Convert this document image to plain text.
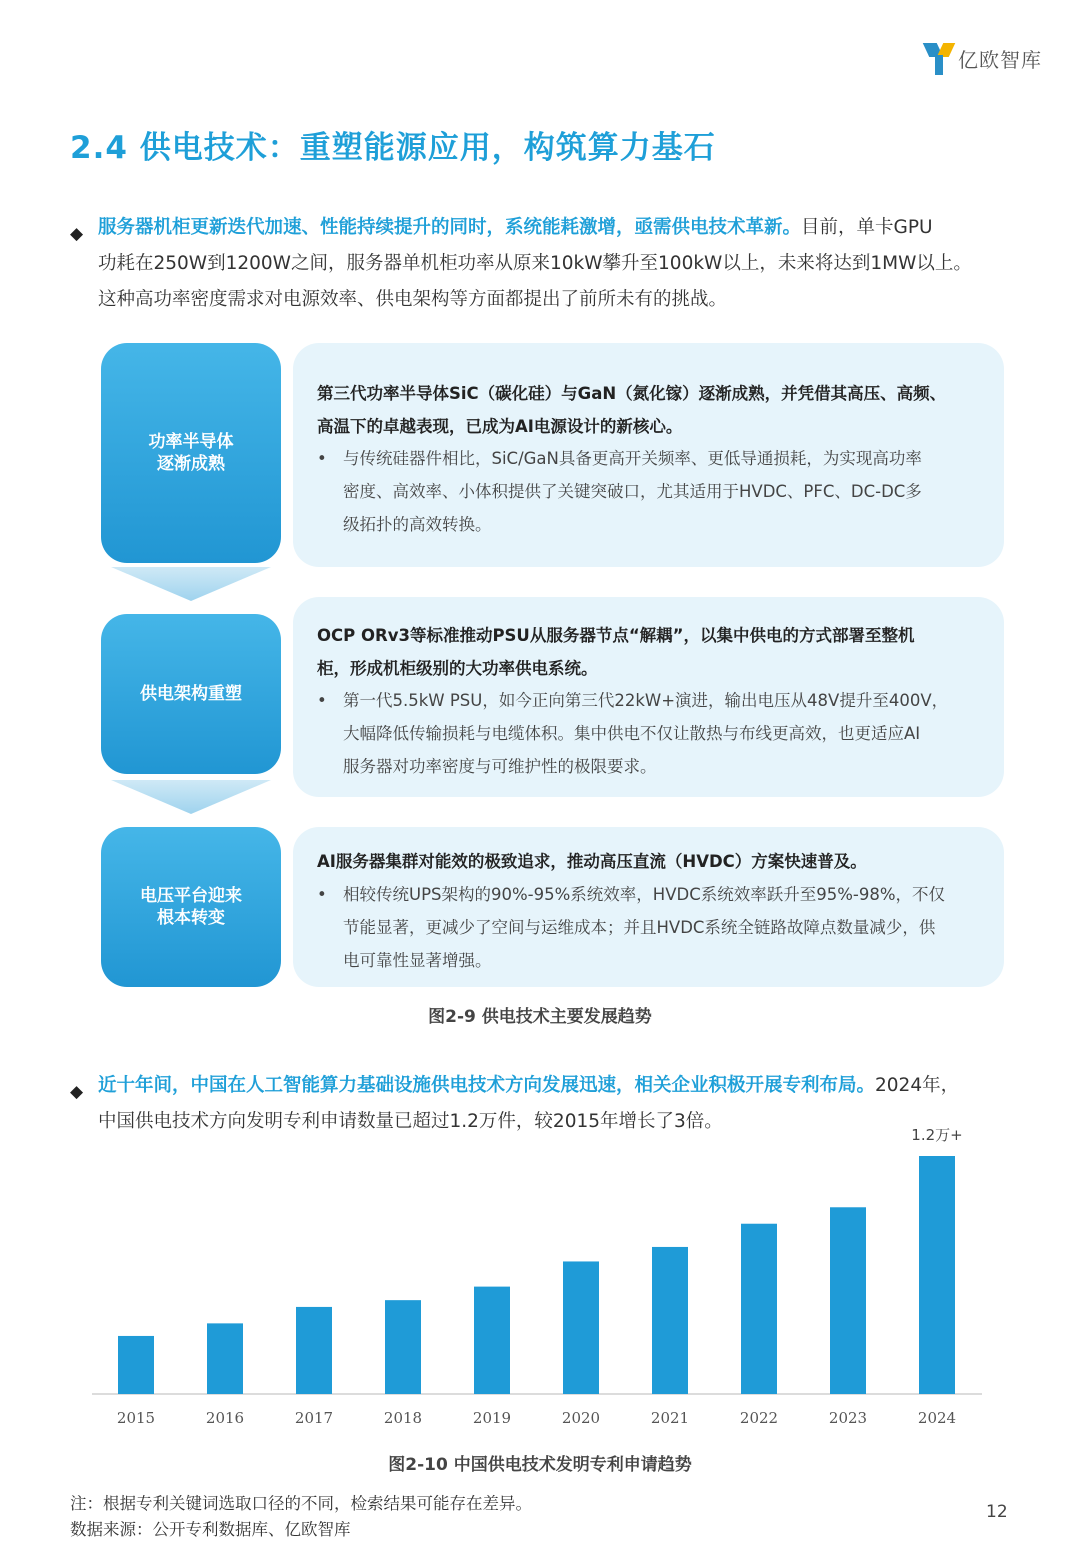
亿欧智库
2.4 供电技术：重塑能源应用，构筑算力基石
◆ 服务器机柜更新迭代加速、性能持续提升的同时，系统能耗激增，亟需供电技术革新。目前，单卡GPU
功耗在250W到1200W之间，服务器单机柜功率从原来10kW攀升至100kW以上，未来将达到1MW以上。
这种高功率密度需求对电源效率、供电架构等方面都提出了前所未有的挑战。
功率半导体
逐渐成熟
第三代功率半导体SiC（碳化硅）与GaN（氮化镓）逐渐成熟，并凭借其高压、高频、
高温下的卓越表现，已成为AI电源设计的新核心。
• 与传统硅器件相比，SiC/GaN具备更高开关频率、更低导通损耗，为实现高功率
密度、高效率、小体积提供了关键突破口，尤其适用于HVDC、PFC、DC-DC多
级拓扑的高效转换。
供电架构重塑
OCP ORv3等标准推动PSU从服务器节点“解耦”，以集中供电的方式部署至整机
柜，形成机柜级别的大功率供电系统。
• 第一代5.5kW PSU，如今正向第三代22kW+演进，输出电压从48V提升至400V，
大幅降低传输损耗与电缆体积。集中供电不仅让散热与布线更高效，也更适应AI
服务器对功率密度与可维护性的极限要求。
电压平台迎来
根本转变
AI服务器集群对能效的极致追求，推动高压直流（HVDC）方案快速普及。
• 相较传统UPS架构的90%-95%系统效率，HVDC系统效率跃升至95%-98%，不仅
节能显著，更减少了空间与运维成本；并且HVDC系统全链路故障点数量减少，供
电可靠性显著增强。
图2-9 供电技术主要发展趋势
◆ 近十年间，中国在人工智能算力基础设施供电技术方向发展迅速，相关企业积极开展专利布局。2024年，
中国供电技术方向发明专利申请数量已超过1.2万件，较2015年增长了3倍。
2015	2016	2017	2018	2019	2020	2021	2022	2023	2024
1.2万+
图2-10 中国供电技术发明专利申请趋势
注：根据专利关键词选取口径的不同，检索结果可能存在差异。
数据来源：公开专利数据库、亿欧智库
12
